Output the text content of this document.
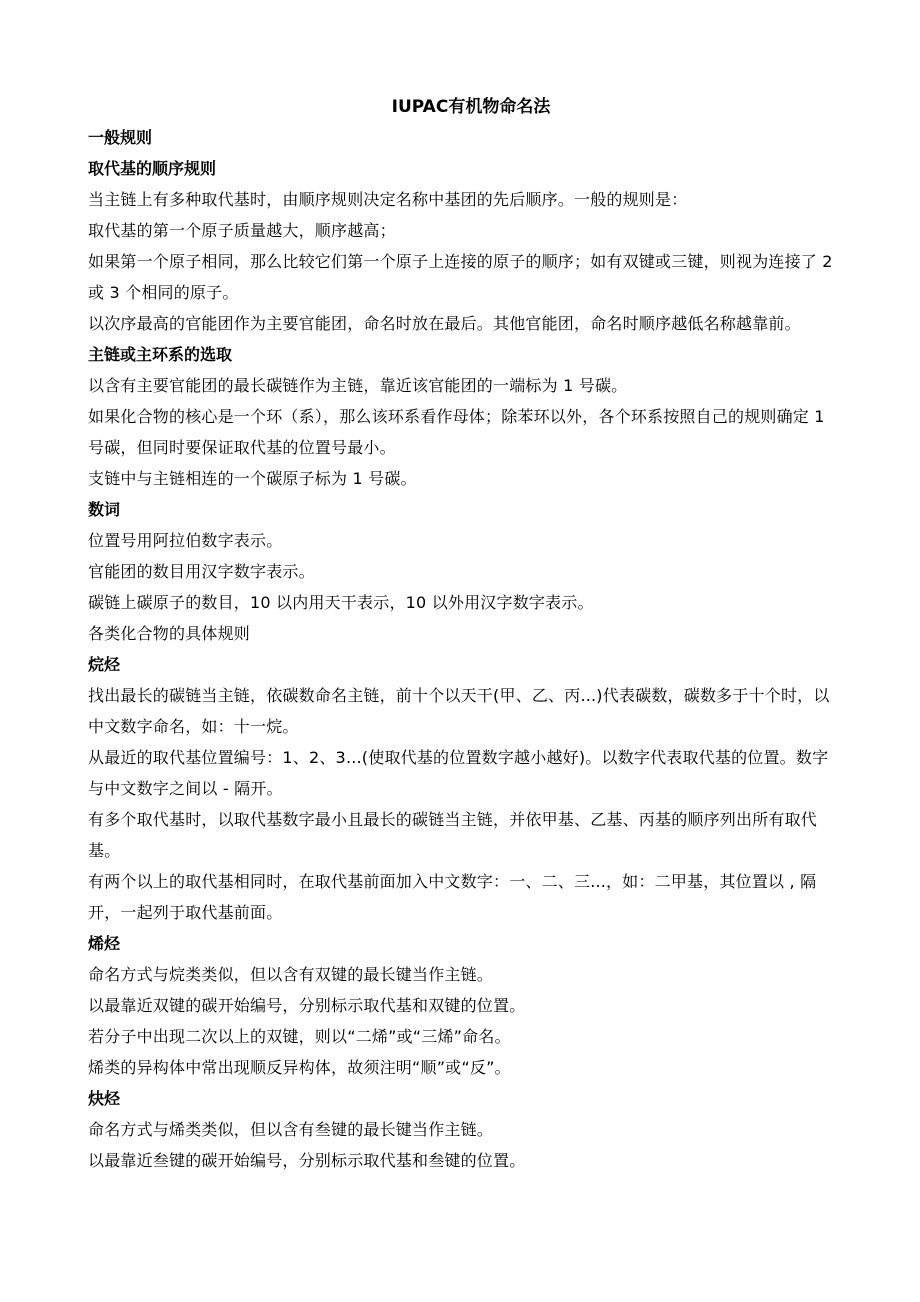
IUPAC有机物命名法
一般规则
取代基的顺序规则

当主链上有多种取代基时，由顺序规则决定名称中基团的先后顺序。一般的规则是：

取代基的第一个原子质量越大，顺序越高；

如果第一个原子相同，那么比较它们第一个原子上连接的原子的顺序；如有双键或三键，则视为连接了 2 或 3 个相同的原子。

以次序最高的官能团作为主要官能团，命名时放在最后。其他官能团，命名时顺序越低名称越靠前。

主链或主环系的选取

以含有主要官能团的最长碳链作为主链，靠近该官能团的一端标为 1 号碳。

如果化合物的核心是一个环（系），那么该环系看作母体；除苯环以外，各个环系按照自己的规则确定 1 号碳，但同时要保证取代基的位置号最小。

支链中与主链相连的一个碳原子标为 1 号碳。

数词

位置号用阿拉伯数字表示。

官能团的数目用汉字数字表示。

碳链上碳原子的数目，10 以内用天干表示，10 以外用汉字数字表示。

各类化合物的具体规则

烷烃

找出最长的碳链当主链，依碳数命名主链，前十个以天干(甲、乙、丙...)代表碳数，碳数多于十个时，以中文数字命名，如：十一烷。

从最近的取代基位置编号：1、2、3...(使取代基的位置数字越小越好)。以数字代表取代基的位置。数字与中文数字之间以 - 隔开。

有多个取代基时，以取代基数字最小且最长的碳链当主链，并依甲基、乙基、丙基的顺序列出所有取代基。

有两个以上的取代基相同时，在取代基前面加入中文数字：一、二、三...，如：二甲基，其位置以 , 隔开，一起列于取代基前面。

烯烃

命名方式与烷类类似，但以含有双键的最长键当作主链。

以最靠近双键的碳开始编号，分别标示取代基和双键的位置。

若分子中出现二次以上的双键，则以“二烯”或“三烯”命名。

烯类的异构体中常出现顺反异构体，故须注明“顺”或“反”。

炔烃

命名方式与烯类类似，但以含有叁键的最长键当作主链。

以最靠近叁键的碳开始编号，分别标示取代基和叁键的位置。
